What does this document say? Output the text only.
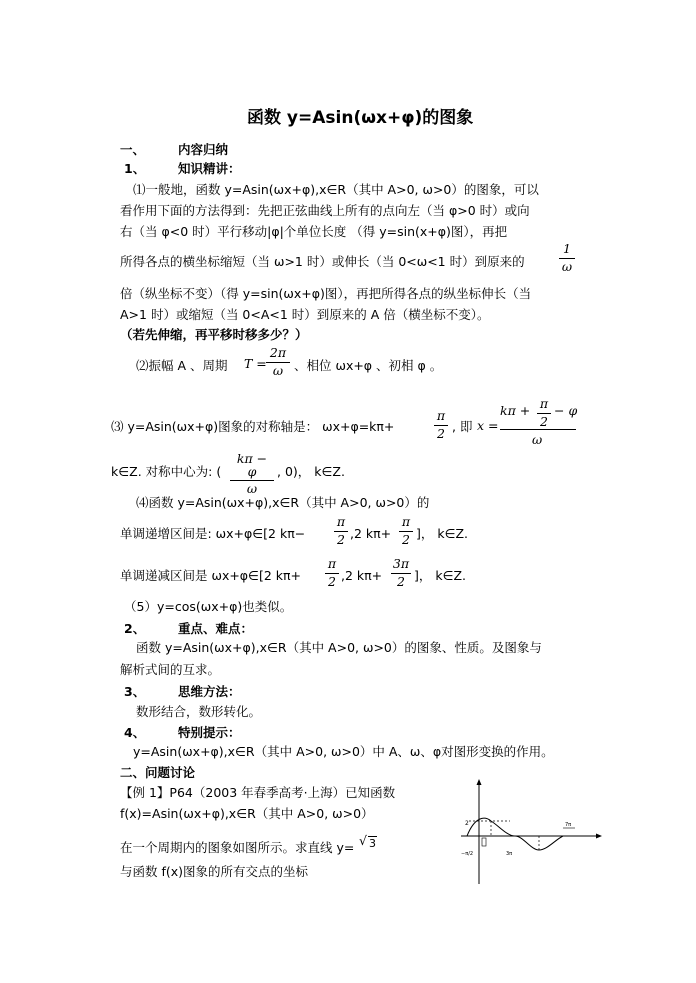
函数 y=Asin(ωx+φ)的图象
一、	内容归纳
1、	知识精讲：
⑴一般地，函数 y=Asin(ωx+φ),x∈R（其中 A>0, ω>0）的图象，可以
看作用下面的方法得到：先把正弦曲线上所有的点向左（当 φ>0 时）或向
右（当 φ<0 时）平行移动|φ|个单位长度 （得 y=sin(x+φ)图），再把
所得各点的横坐标缩短（当 ω>1 时）或伸长（当 0<ω<1 时）到原来的
1
ω
倍（纵坐标不变）（得 y=sin(ωx+φ)图），再把所得各点的纵坐标伸长（当
A>1 时）或缩短（当 0<A<1 时）到原来的 A 倍（横坐标不变）。
（若先伸缩，再平移时移多少？）
⑵振幅 A 、周期 T =
2π
ω 、相位 ωx+φ 、初相 φ 。
⑶ y=Asin(ωx+φ)图象的对称轴是： ωx+φ=kπ+
π
2 , 即 x =
kπ + π
2
− φ
ω
k∈Z. 对称中心为: (
kπ − φ
ω
, 0)， k∈Z.
⑷函数 y=Asin(ωx+φ),x∈R（其中 A>0, ω>0）的
单调递增区间是: ωx+φ∈[2 kπ−
π
2 ,2 kπ+
π
2 ]， k∈Z.
单调递减区间是 ωx+φ∈[2 kπ+
π
2 ,2 kπ+
3π
2 ]， k∈Z.
（5）y=cos(ωx+φ)也类似。
2、	重点、难点：
函数 y=Asin(ωx+φ),x∈R（其中 A>0, ω>0）的图象、性质。及图象与
解析式间的互求。
3、	思维方法：
数形结合，数形转化。
4、	特别提示：
y=Asin(ωx+φ),x∈R（其中 A>0, ω>0）中 A、ω、φ对图形变换的作用。
二、问题讨论
【例 1】P64（2003 年春季高考·上海）已知函数
f(x)=Asin(ωx+φ),x∈R（其中 A>0, ω>0）
在一个周期内的图象如图所示。求直线 y= √ 3
与函数 f(x)图象的所有交点的坐标
2
−π/2	3π
7π
